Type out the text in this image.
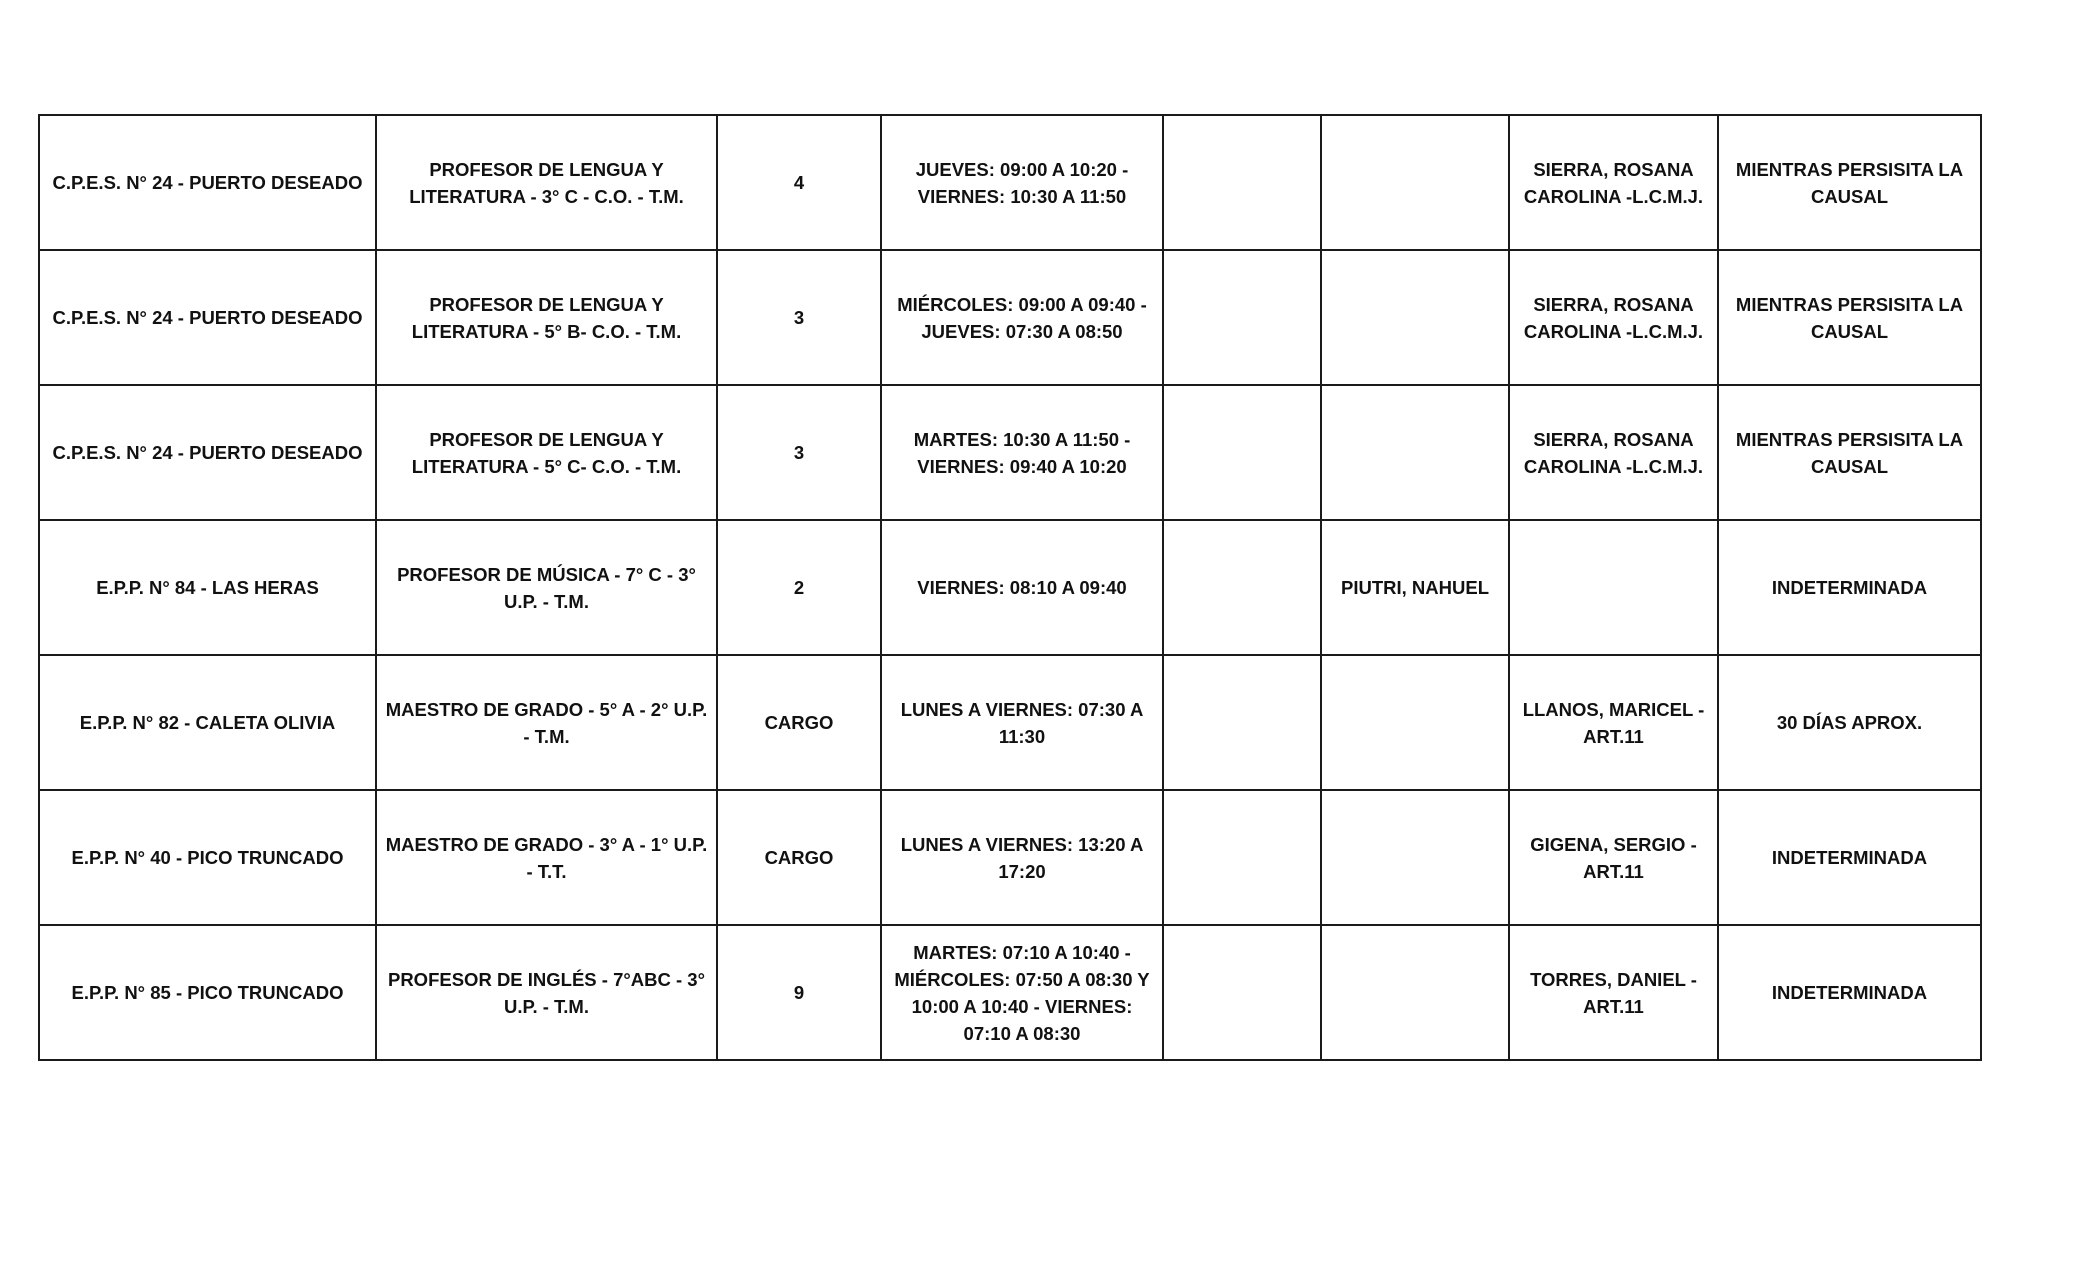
C.P.E.S. N° 24 - PUERTO DESEADO	PROFESOR DE LENGUA Y LITERATURA - 3° C - C.O. - T.M.	4	JUEVES: 09:00 A 10:20 - VIERNES: 10:30 A 11:50			SIERRA, ROSANA CAROLINA -L.C.M.J.	MIENTRAS PERSISITA LA CAUSAL
C.P.E.S. N° 24 - PUERTO DESEADO	PROFESOR DE LENGUA Y LITERATURA - 5° B- C.O. - T.M.	3	MIÉRCOLES: 09:00 A 09:40 - JUEVES: 07:30 A 08:50			SIERRA, ROSANA CAROLINA -L.C.M.J.	MIENTRAS PERSISITA LA CAUSAL
C.P.E.S. N° 24 - PUERTO DESEADO	PROFESOR DE LENGUA Y LITERATURA - 5° C- C.O. - T.M.	3	MARTES: 10:30 A 11:50 - VIERNES: 09:40 A 10:20			SIERRA, ROSANA CAROLINA -L.C.M.J.	MIENTRAS PERSISITA LA CAUSAL
E.P.P. N° 84 - LAS HERAS	PROFESOR DE MÚSICA - 7° C - 3° U.P. - T.M.	2	VIERNES: 08:10 A 09:40		PIUTRI, NAHUEL		INDETERMINADA
E.P.P. N° 82 - CALETA OLIVIA	MAESTRO DE GRADO - 5° A - 2° U.P. - T.M.	CARGO	LUNES A VIERNES: 07:30 A 11:30			LLANOS, MARICEL - ART.11	30 DÍAS APROX.
E.P.P. N° 40 - PICO TRUNCADO	MAESTRO DE GRADO - 3° A - 1° U.P. - T.T.	CARGO	LUNES A VIERNES: 13:20 A 17:20			GIGENA, SERGIO - ART.11	INDETERMINADA
E.P.P. N° 85 - PICO TRUNCADO	PROFESOR DE INGLÉS - 7°ABC - 3° U.P. - T.M.	9	MARTES: 07:10 A 10:40 - MIÉRCOLES: 07:50 A 08:30 Y 10:00 A 10:40 - VIERNES: 07:10 A 08:30			TORRES, DANIEL - ART.11	INDETERMINADA
